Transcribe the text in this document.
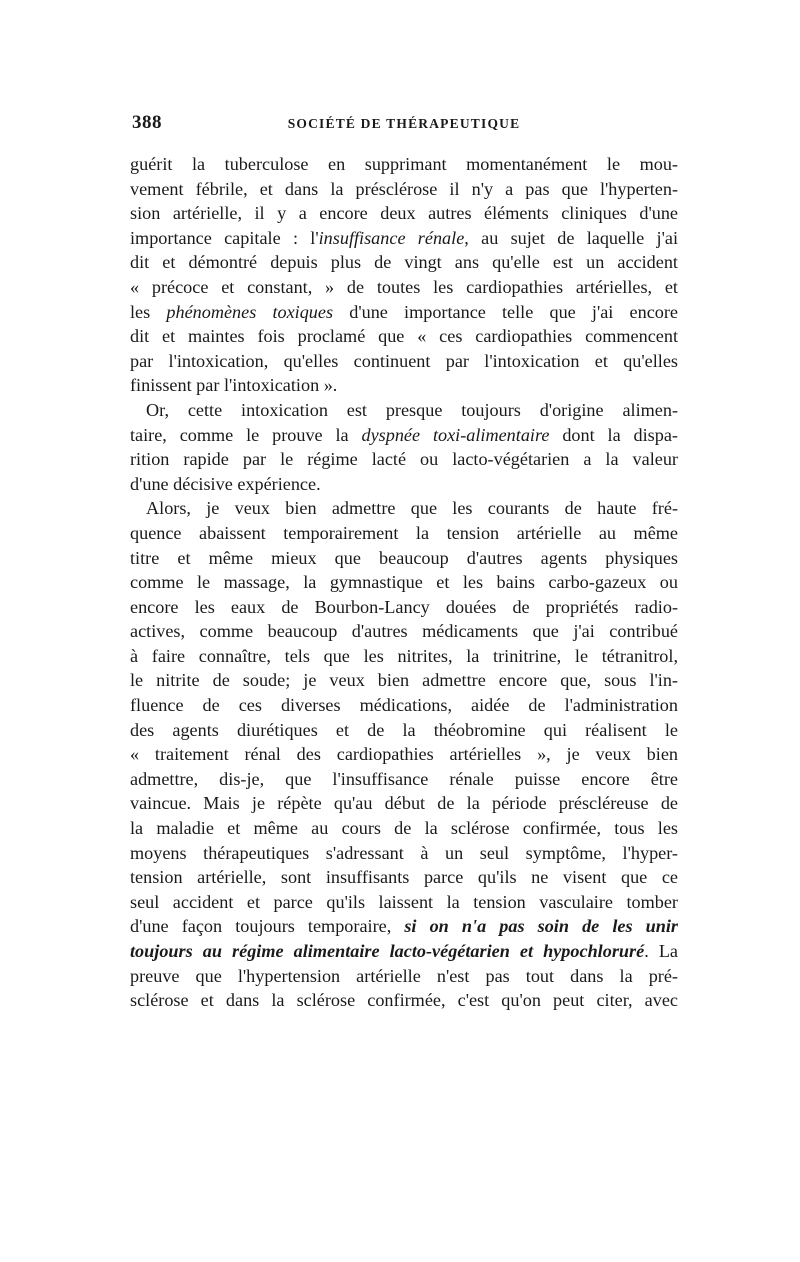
388	SOCIÉTÉ DE THÉRAPEUTIQUE
guérit la tuberculose en supprimant momentanément le mou-
vement fébrile, et dans la présclérose il n'y a pas que l'hyperten-
sion artérielle, il y a encore deux autres éléments cliniques d'une
importance capitale : l'insuffisance rénale, au sujet de laquelle j'ai
dit et démontré depuis plus de vingt ans qu'elle est un accident
« précoce et constant, » de toutes les cardiopathies artérielles, et
les phénomènes toxiques d'une importance telle que j'ai encore
dit et maintes fois proclamé que « ces cardiopathies commencent
par l'intoxication, qu'elles continuent par l'intoxication et qu'elles
finissent par l'intoxication ».
Or, cette intoxication est presque toujours d'origine alimen-
taire, comme le prouve la dyspnée toxi-alimentaire dont la dispa-
rition rapide par le régime lacté ou lacto-végétarien a la valeur
d'une décisive expérience.
Alors, je veux bien admettre que les courants de haute fré-
quence abaissent temporairement la tension artérielle au même
titre et même mieux que beaucoup d'autres agents physiques
comme le massage, la gymnastique et les bains carbo-gazeux ou
encore les eaux de Bourbon-Lancy douées de propriétés radio-
actives, comme beaucoup d'autres médicaments que j'ai contribué
à faire connaître, tels que les nitrites, la trinitrine, le tétranitrol,
le nitrite de soude; je veux bien admettre encore que, sous l'in-
fluence de ces diverses médications, aidée de l'administration
des agents diurétiques et de la théobromine qui réalisent le
« traitement rénal des cardiopathies artérielles », je veux bien
admettre, dis-je, que l'insuffisance rénale puisse encore être
vaincue. Mais je répète qu'au début de la période préscléreuse de
la maladie et même au cours de la sclérose confirmée, tous les
moyens thérapeutiques s'adressant à un seul symptôme, l'hyper-
tension artérielle, sont insuffisants parce qu'ils ne visent que ce
seul accident et parce qu'ils laissent la tension vasculaire tomber
d'une façon toujours temporaire, si on n'a pas soin de les unir
toujours au régime alimentaire lacto-végétarien et hypochloruré. La
preuve que l'hypertension artérielle n'est pas tout dans la pré-
sclérose et dans la sclérose confirmée, c'est qu'on peut citer, avec
